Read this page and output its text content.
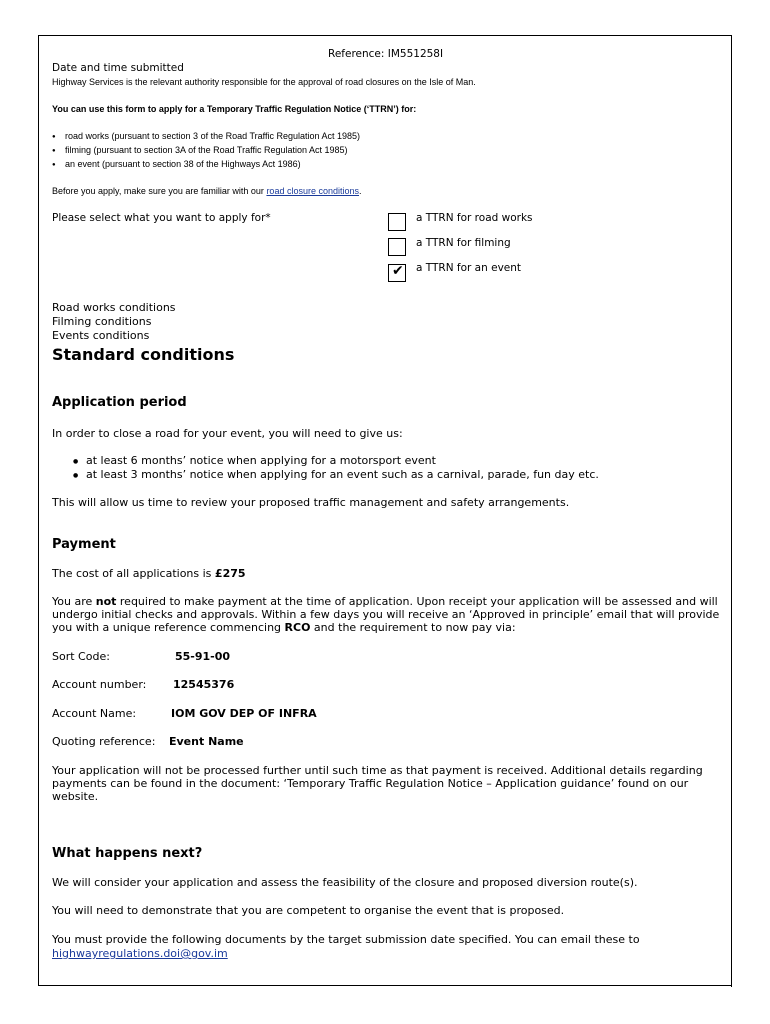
Reference: IM551258I
Date and time submitted
Highway Services is the relevant authority responsible for the approval of road closures on the Isle of Man.
You can use this form to apply for a Temporary Traffic Regulation Notice (‘TTRN’) for:
● road works (pursuant to section 3 of the Road Traffic Regulation Act 1985)
● filming (pursuant to section 3A of the Road Traffic Regulation Act 1985)
● an event (pursuant to section 38 of the Highways Act 1986)
Before you apply, make sure you are familiar with our road closure conditions.
Please select what you want to apply for*	a TTRN for road works
a TTRN for filming
✔ a TTRN for an event
Road works conditions
Filming conditions
Events conditions
Standard conditions
Application period
In order to close a road for your event, you will need to give us:
● at least 6 months’ notice when applying for a motorsport event
● at least 3 months’ notice when applying for an event such as a carnival, parade, fun day etc.
This will allow us time to review your proposed traffic management and safety arrangements.
Payment
The cost of all applications is £275
You are not required to make payment at the time of application. Upon receipt your application will be assessed and will undergo initial checks and approvals. Within a few days you will receive an ‘Approved in principle’ email that will provide you with a unique reference commencing RCO and the requirement to now pay via:
Sort Code:	55-91-00
Account number: 12545376
Account Name:	IOM GOV DEP OF INFRA
Quoting reference: Event Name
Your application will not be processed further until such time as that payment is received. Additional details regarding payments can be found in the document: ‘Temporary Traffic Regulation Notice – Application guidance’ found on our website.
What happens next?
We will consider your application and assess the feasibility of the closure and proposed diversion route(s).
You will need to demonstrate that you are competent to organise the event that is proposed.
You must provide the following documents by the target submission date specified. You can email these to
highwayregulations.doi@gov.im
